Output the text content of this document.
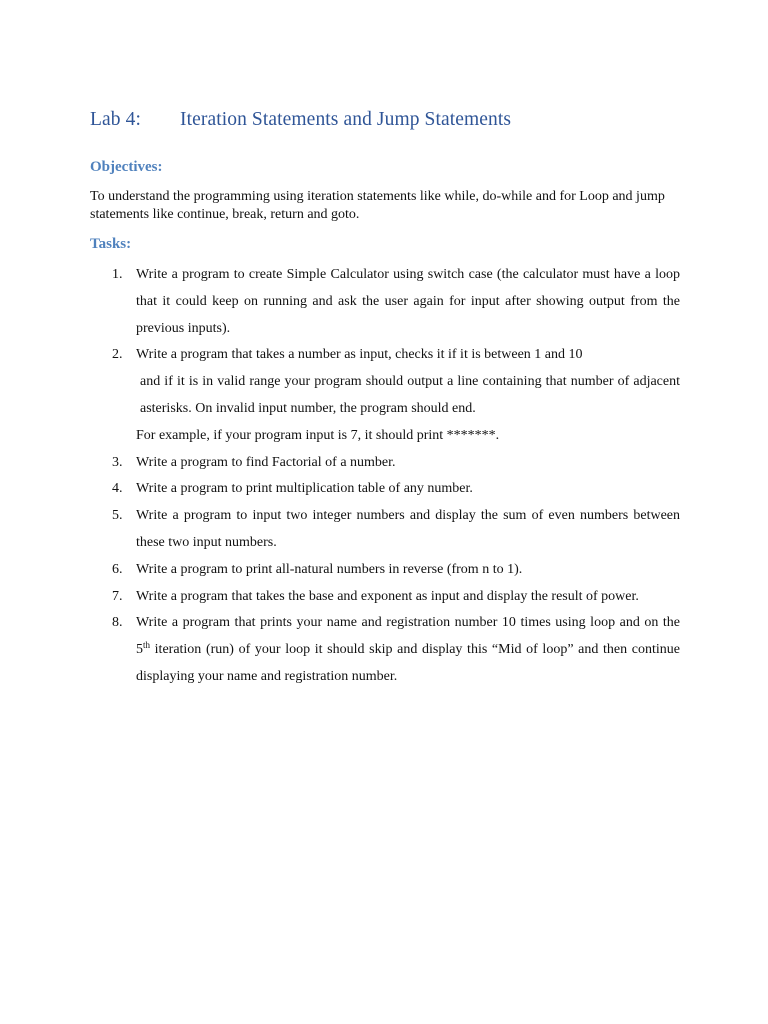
Lab 4: Iteration Statements and Jump Statements
Objectives:
To understand the programming using iteration statements like while, do-while and for Loop and jump statements like continue, break, return and goto.
Tasks:
1. Write a program to create Simple Calculator using switch case (the calculator must have a loop that it could keep on running and ask the user again for input after showing output from the previous inputs).
2. Write a program that takes a number as input, checks it if it is between 1 and 10
and if it is in valid range your program should output a line containing that number of adjacent asterisks. On invalid input number, the program should end.
For example, if your program input is 7, it should print *******.
3. Write a program to find Factorial of a number.
4. Write a program to print multiplication table of any number.
5. Write a program to input two integer numbers and display the sum of even numbers between these two input numbers.
6. Write a program to print all-natural numbers in reverse (from n to 1).
7. Write a program that takes the base and exponent as input and display the result of power.
8. Write a program that prints your name and registration number 10 times using loop and on the 5th iteration (run) of your loop it should skip and display this “Mid of loop” and then continue displaying your name and registration number.
